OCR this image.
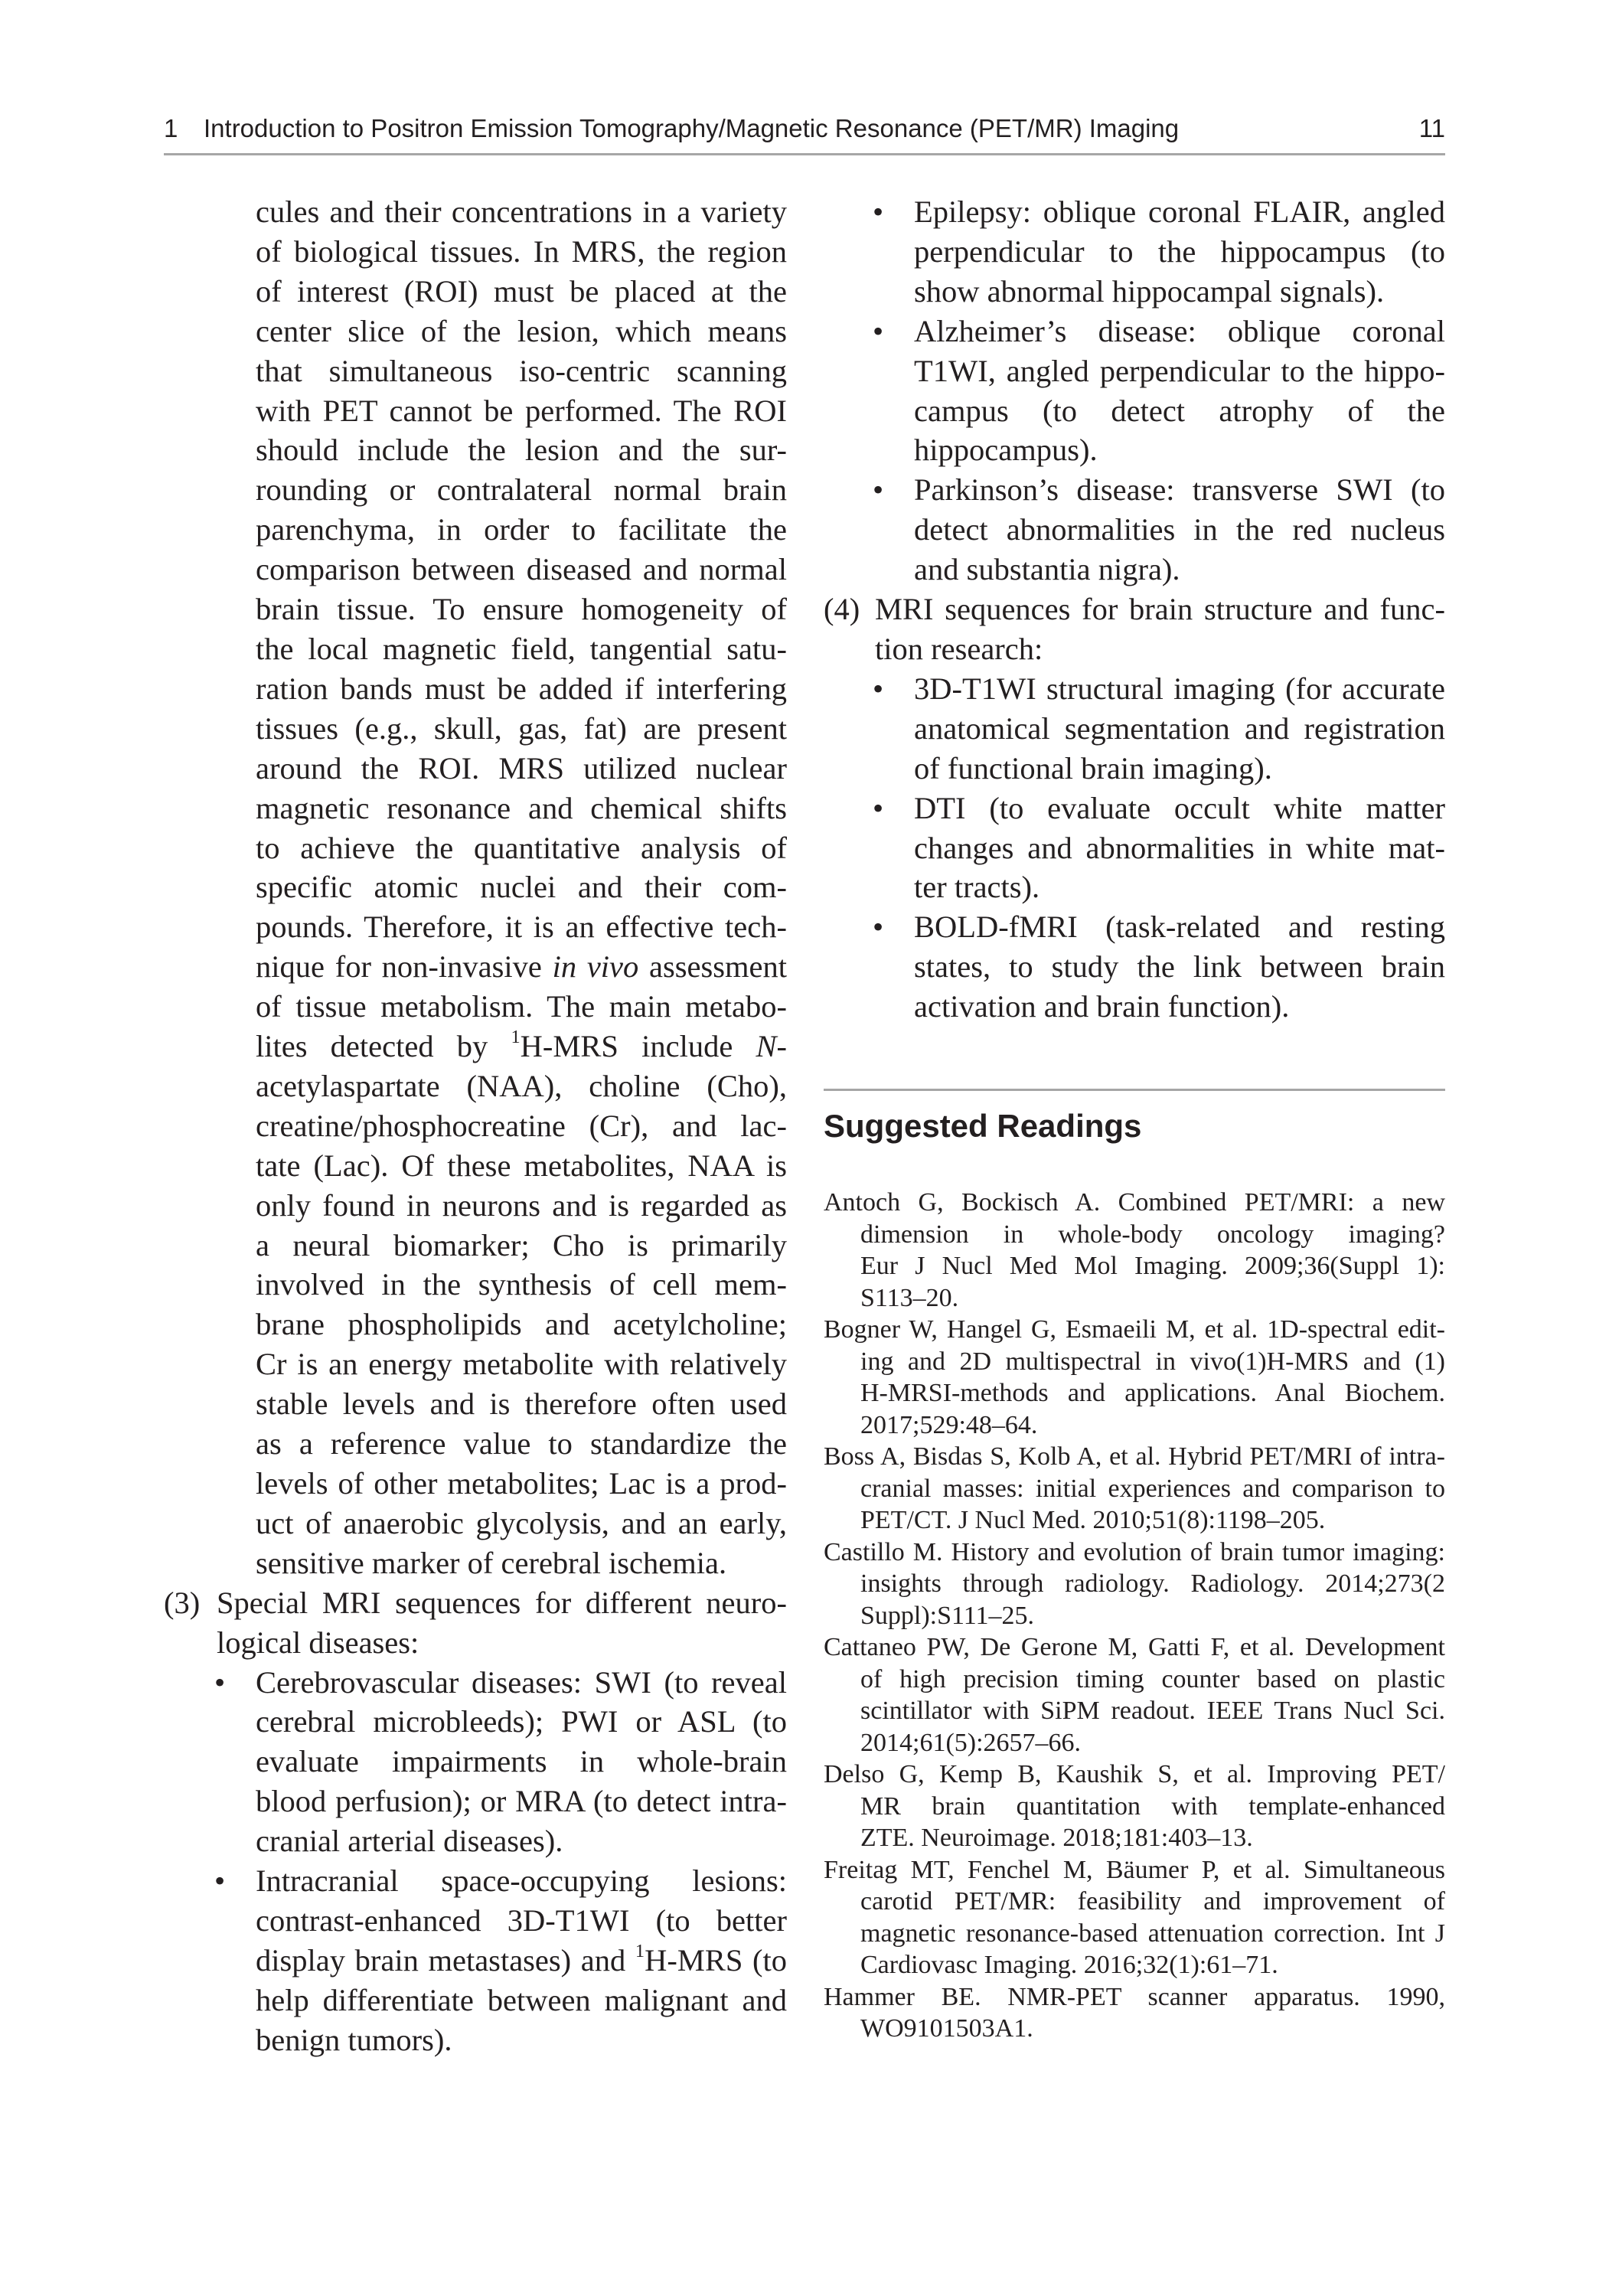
1 Introduction to Positron Emission Tomography/Magnetic Resonance (PET/MR) Imaging	11
cules and their concentrations in a variety
of biological tissues. In MRS, the region
of interest (ROI) must be placed at the
center slice of the lesion, which means
that simultaneous iso-centric scanning
with PET cannot be performed. The ROI
should include the lesion and the sur-
rounding or contralateral normal brain
parenchyma, in order to facilitate the
comparison between diseased and normal
brain tissue. To ensure homogeneity of
the local magnetic field, tangential satu-
ration bands must be added if interfering
tissues (e.g., skull, gas, fat) are present
around the ROI. MRS utilized nuclear
magnetic resonance and chemical shifts
to achieve the quantitative analysis of
specific atomic nuclei and their com-
pounds. Therefore, it is an effective tech-
nique for non-invasive in vivo assessment
of tissue metabolism. The main metabo-
lites detected by $^1$H-MRS include N-
acetylaspartate (NAA), choline (Cho),
creatine/phosphocreatine (Cr), and lac-
tate (Lac). Of these metabolites, NAA is
only found in neurons and is regarded as
a neural biomarker; Cho is primarily
involved in the synthesis of cell mem-
brane phospholipids and acetylcholine;
Cr is an energy metabolite with relatively
stable levels and is therefore often used
as a reference value to standardize the
levels of other metabolites; Lac is a prod-
uct of anaerobic glycolysis, and an early,
sensitive marker of cerebral ischemia.
(3) Special MRI sequences for different neuro-
logical diseases:
• Cerebrovascular diseases: SWI (to reveal
cerebral microbleeds); PWI or ASL (to
evaluate impairments in whole-brain
blood perfusion); or MRA (to detect intra-
cranial arterial diseases).
• Intracranial space-occupying lesions:
contrast-enhanced 3D-T1WI (to better
display brain metastases) and $^1$H-MRS (to
help differentiate between malignant and
benign tumors).
• Epilepsy: oblique coronal FLAIR, angled
perpendicular to the hippocampus (to
show abnormal hippocampal signals).
• Alzheimer’s disease: oblique coronal
T1WI, angled perpendicular to the hippo-
campus (to detect atrophy of the
hippocampus).
• Parkinson’s disease: transverse SWI (to
detect abnormalities in the red nucleus
and substantia nigra).
(4) MRI sequences for brain structure and func-
tion research:
• 3D-T1WI structural imaging (for accurate
anatomical segmentation and registration
of functional brain imaging).
• DTI (to evaluate occult white matter
changes and abnormalities in white mat-
ter tracts).
• BOLD-fMRI (task-related and resting
states, to study the link between brain
activation and brain function).
Suggested Readings
Antoch G, Bockisch A. Combined PET/MRI: a new
dimension in whole-body oncology imaging?
Eur J Nucl Med Mol Imaging. 2009;36(Suppl 1):
S113–20.
Bogner W, Hangel G, Esmaeili M, et al. 1D-spectral edit-
ing and 2D multispectral in vivo(1)H-MRS and (1)
H-MRSI-methods and applications. Anal Biochem.
2017;529:48–64.
Boss A, Bisdas S, Kolb A, et al. Hybrid PET/MRI of intra-
cranial masses: initial experiences and comparison to
PET/CT. J Nucl Med. 2010;51(8):1198–205.
Castillo M. History and evolution of brain tumor imaging:
insights through radiology. Radiology. 2014;273(2
Suppl):S111–25.
Cattaneo PW, De Gerone M, Gatti F, et al. Development
of high precision timing counter based on plastic
scintillator with SiPM readout. IEEE Trans Nucl Sci.
2014;61(5):2657–66.
Delso G, Kemp B, Kaushik S, et al. Improving PET/
MR brain quantitation with template-enhanced
ZTE. Neuroimage. 2018;181:403–13.
Freitag MT, Fenchel M, Bäumer P, et al. Simultaneous
carotid PET/MR: feasibility and improvement of
magnetic resonance-based attenuation correction. Int J
Cardiovasc Imaging. 2016;32(1):61–71.
Hammer BE. NMR-PET scanner apparatus. 1990,
WO9101503A1.
